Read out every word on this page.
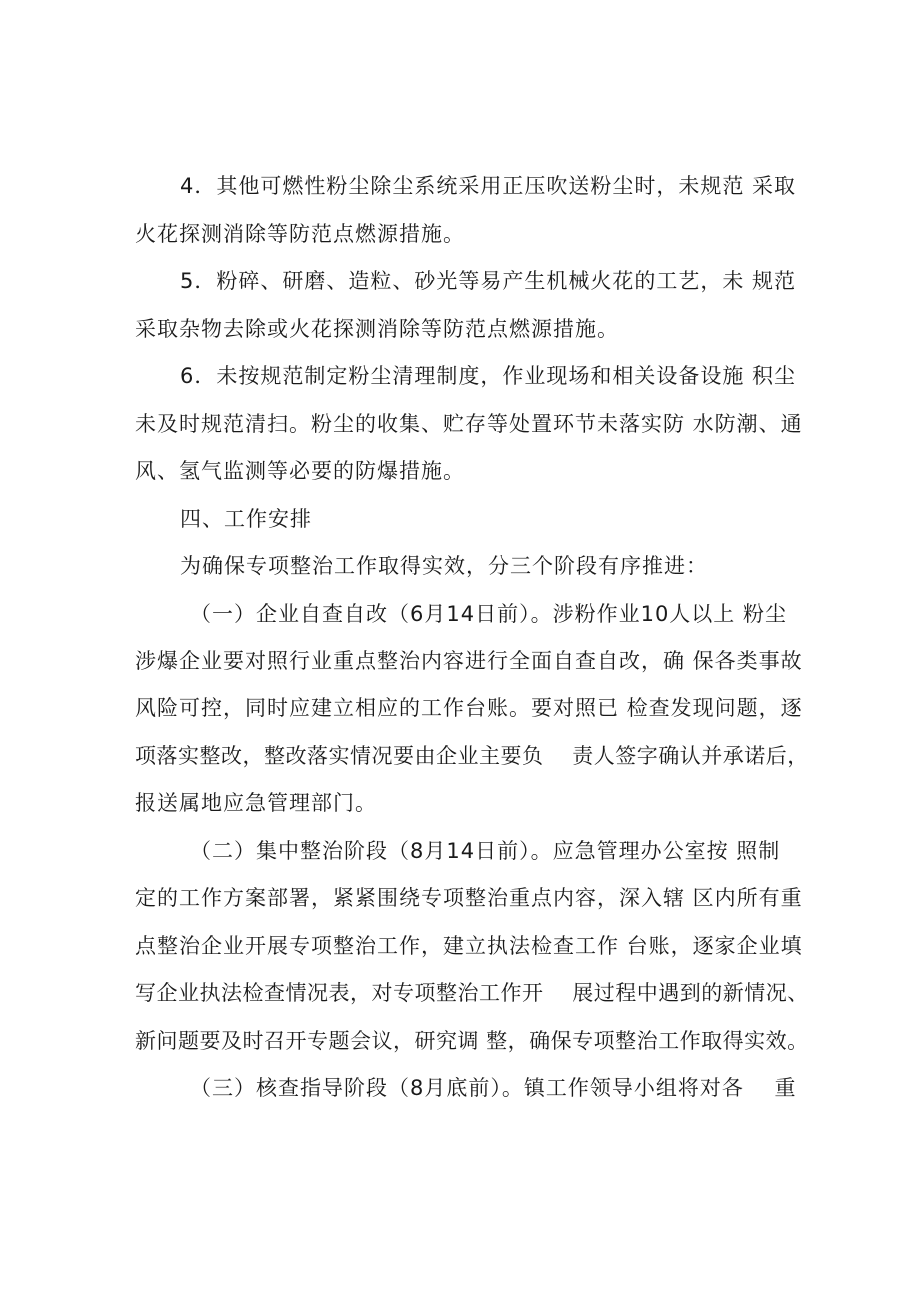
4．其他可燃性粉尘除尘系统采用正压吹送粉尘时，未规范 采取
火花探测消除等防范点燃源措施。
5．粉碎、研磨、造粒、砂光等易产生机械火花的工艺，未 规范
采取杂物去除或火花探测消除等防范点燃源措施。
6．未按规范制定粉尘清理制度，作业现场和相关设备设施 积尘
未及时规范清扫。粉尘的收集、贮存等处置环节未落实防 水防潮、通
风、氢气监测等必要的防爆措施。
四、工作安排
为确保专项整治工作取得实效，分三个阶段有序推进：
（一）企业自查自改（6月14日前）。涉粉作业10人以上 粉尘
涉爆企业要对照行业重点整治内容进行全面自查自改，确 保各类事故
风险可控，同时应建立相应的工作台账。要对照已 检查发现问题，逐
项落实整改，整改落实情况要由企业主要负    责人签字确认并承诺后，
报送属地应急管理部门。
（二）集中整治阶段（8月14日前）。应急管理办公室按 照制
定的工作方案部署，紧紧围绕专项整治重点内容，深入辖 区内所有重
点整治企业开展专项整治工作，建立执法检查工作 台账，逐家企业填
写企业执法检查情况表，对专项整治工作开    展过程中遇到的新情况、
新问题要及时召开专题会议，研究调 整，确保专项整治工作取得实效。
（三）核查指导阶段（8月底前）。镇工作领导小组将对各    重
